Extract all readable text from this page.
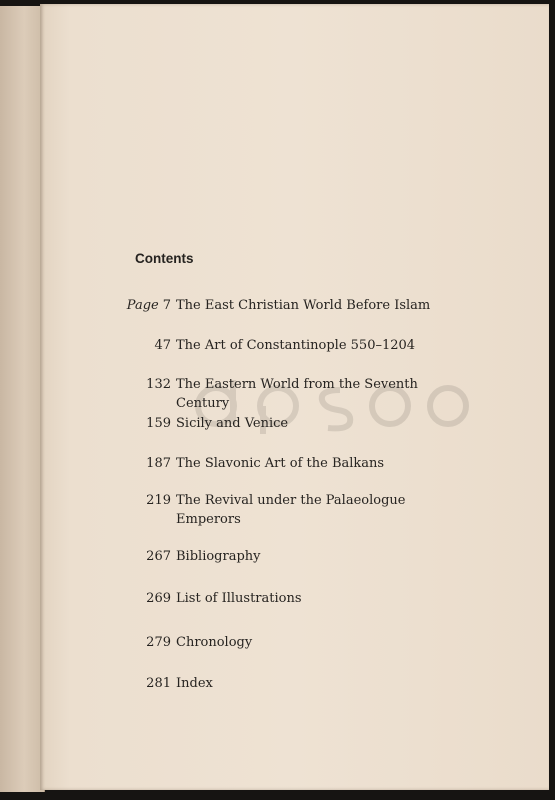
Contents
Page 7 The East Christian World Before Islam
47 The Art of Constantinople 550–1204
132 The Eastern World from the Seventh Century
159 Sicily and Venice
187 The Slavonic Art of the Balkans
219 The Revival under the Palaeologue Emperors
267 Bibliography
269 List of Illustrations
279 Chronology
281 Index
